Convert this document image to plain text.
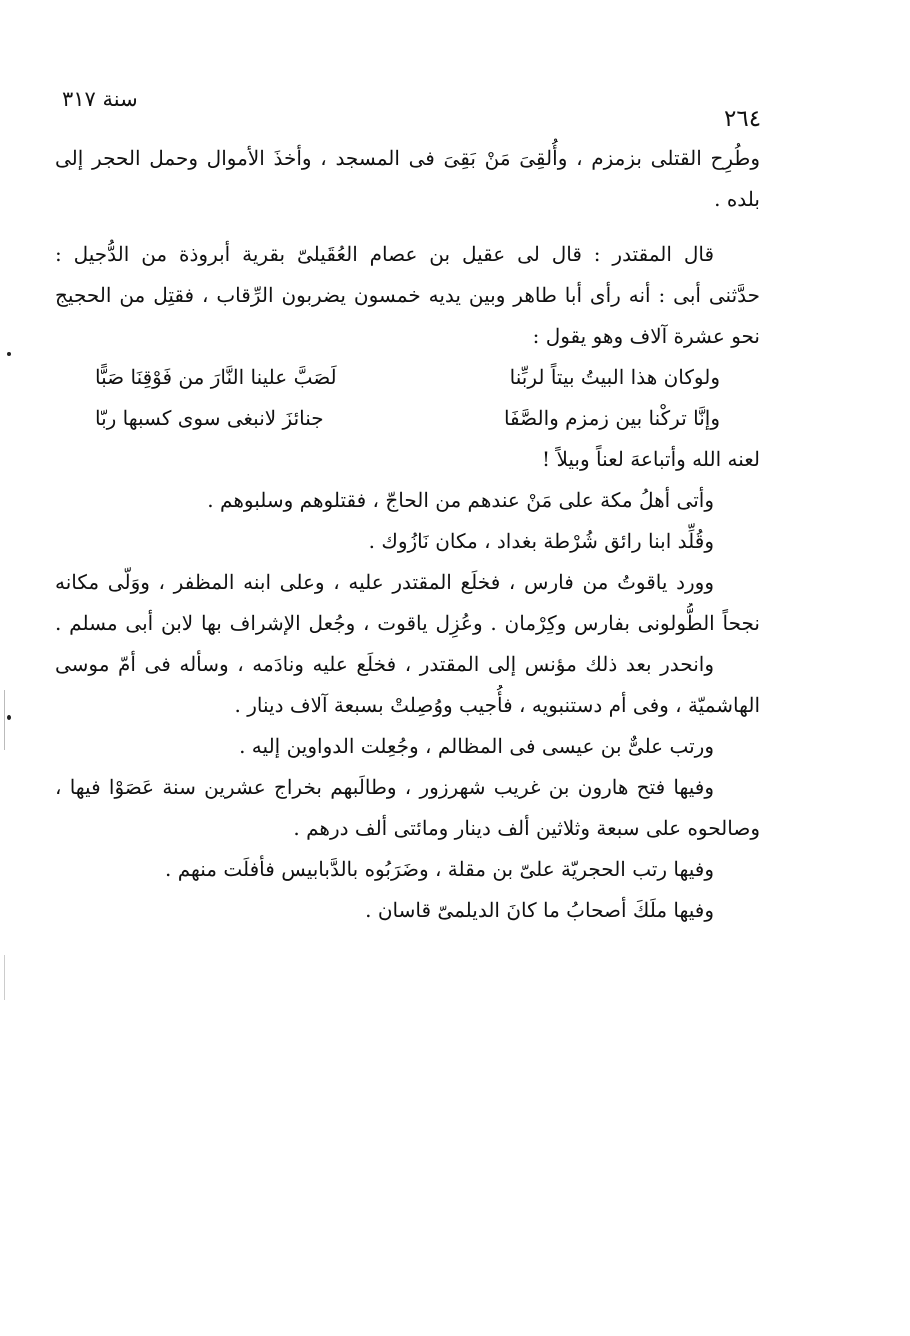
سنة ٣١٧
٢٦٤
وطُرِح القتلى بزمزم ، وأُلقِىَ مَنْ بَقِىَ فى المسجد ، وأخذَ الأموال وحمل الحجر إلى
بلده .
قال المقتدر : قال لى عقيل بن عصام العُقَيلىّ بقرية أبروذة من الدُّجيل :
حدَّثنى أبى : أنه رأى أبا طاهر وبين يديه خمسون يضربون الرِّقاب ، فقتِل من الحجيج
نحو عشرة آلاف وهو يقول :
ولوكان هذا البيتُ بيتاً لربِّنا
لَصَبَّ علينا النَّارَ من فَوْقِنَا صَبًّا
وإنَّا تركْنا بين زمزم والصَّفَا
جنائزَ لانبغى سوى كسبها ربّا
لعنه الله وأتباعهَ لعناً وبيلاً !
وأتى أهلُ مكة على مَنْ عندهم من الحاجّ ، فقتلوهم وسلبوهم .
وقُلِّد ابنا رائق شُرْطة بغداد ، مكان نَازُوك .
وورد ياقوتُ من فارس ، فخلَع المقتدر عليه ، وعلى ابنه المظفر ، ووَلّى مكانه
نجحاً الطُّولونى بفارس وكِرْمان . وعُزِل ياقوت ، وجُعل الإشراف بها لابن أبى مسلم .
وانحدر بعد ذلك مؤنس إلى المقتدر ، فخلَع عليه ونادَمه ، وسأله فى أمّ موسى
الهاشميّة ، وفى أم دستنبويه ، فأُجيب ووُصِلتْ بسبعة آلاف دينار .
ورتب علىٌّ بن عيسى فى المظالم ، وجُعِلت الدواوين إليه .
وفيها فتح هارون بن غريب شهرزور ، وطالَبهم بخراج عشرين سنة عَصَوْا فيها ،
وصالحوه على سبعة وثلاثين ألف دينار ومائتى ألف درهم .
وفيها رتب الحجريّة علىّ بن مقلة ، وضَرَبُوه بالدَّبابيس فأفلَت منهم .
وفيها ملَكَ أصحابُ ما كانَ الديلمىّ قاسان .
